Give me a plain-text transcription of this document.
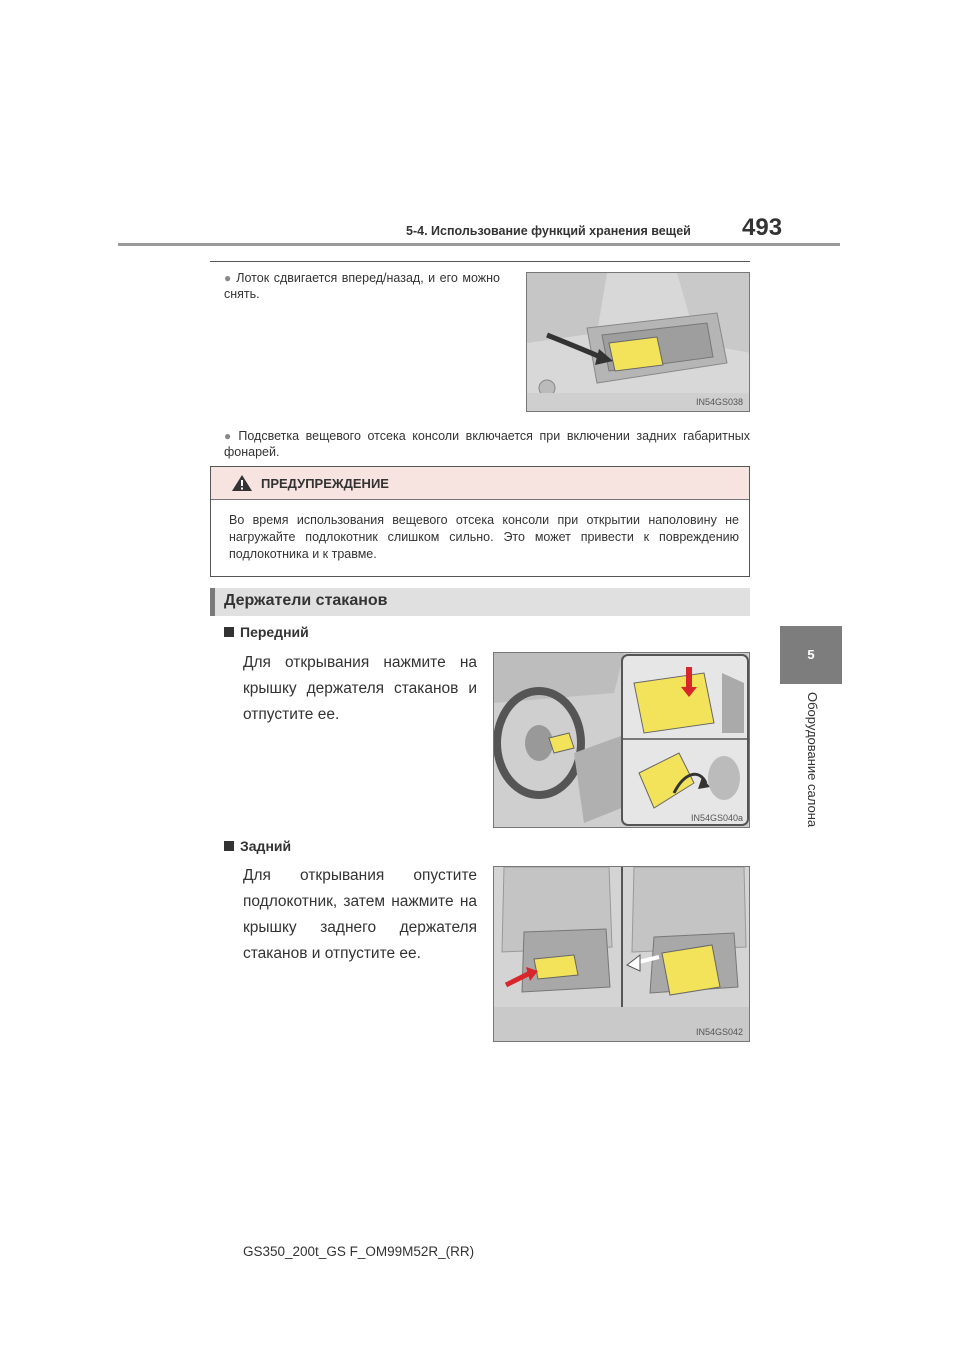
5-4. Использование функций хранения вещей 493
5
Оборудование салона
● Лоток сдвигается вперед/назад, и его можно снять.
IN54GS038
● Подсветка вещевого отсека консоли включается при включении задних габаритных фонарей.
ПРЕДУПРЕЖДЕНИЕ
Во время использования вещевого отсека консоли при открытии наполовину не нагружайте подлокотник слишком сильно. Это может привести к повреждению подлокотника и к травме.
Держатели стаканов
Передний
Для открывания нажмите на крышку держателя стаканов и отпустите ее.
IN54GS040a
Задний
Для открывания опустите подлокотник, затем нажмите на крышку заднего держателя стаканов и отпустите ее.
IN54GS042
GS350_200t_GS F_OM99M52R_(RR)
